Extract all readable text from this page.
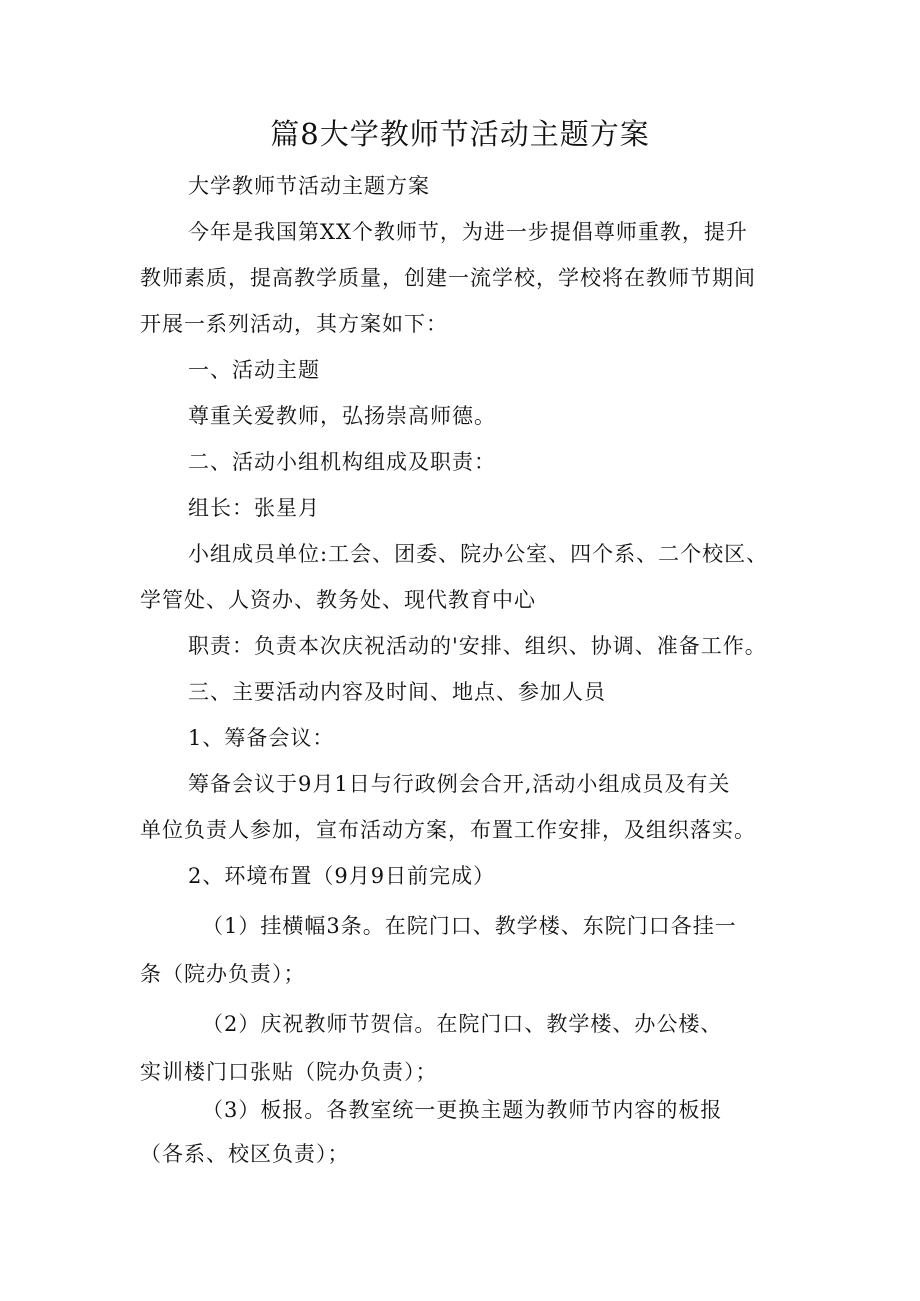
篇8大学教师节活动主题方案
大学教师节活动主题方案
今年是我国第XX个教师节，为进一步提倡尊师重教，提升
教师素质，提高教学质量，创建一流学校，学校将在教师节期间
开展一系列活动，其方案如下：
一、活动主题
尊重关爱教师，弘扬崇高师德。
二、活动小组机构组成及职责：
组长：张星月
小组成员单位:工会、团委、院办公室、四个系、二个校区、
学管处、人资办、教务处、现代教育中心
职责：负责本次庆祝活动的'安排、组织、协调、准备工作。
三、主要活动内容及时间、地点、参加人员
1、筹备会议：
筹备会议于9月1日与行政例会合开,活动小组成员及有关
单位负责人参加，宣布活动方案，布置工作安排，及组织落实。
2、环境布置（9月9日前完成）
（1）挂横幅3条。在院门口、教学楼、东院门口各挂一
条（院办负责）；
（2）庆祝教师节贺信。在院门口、教学楼、办公楼、
实训楼门口张贴（院办负责）；
（3）板报。各教室统一更换主题为教师节内容的板报
（各系、校区负责）；
